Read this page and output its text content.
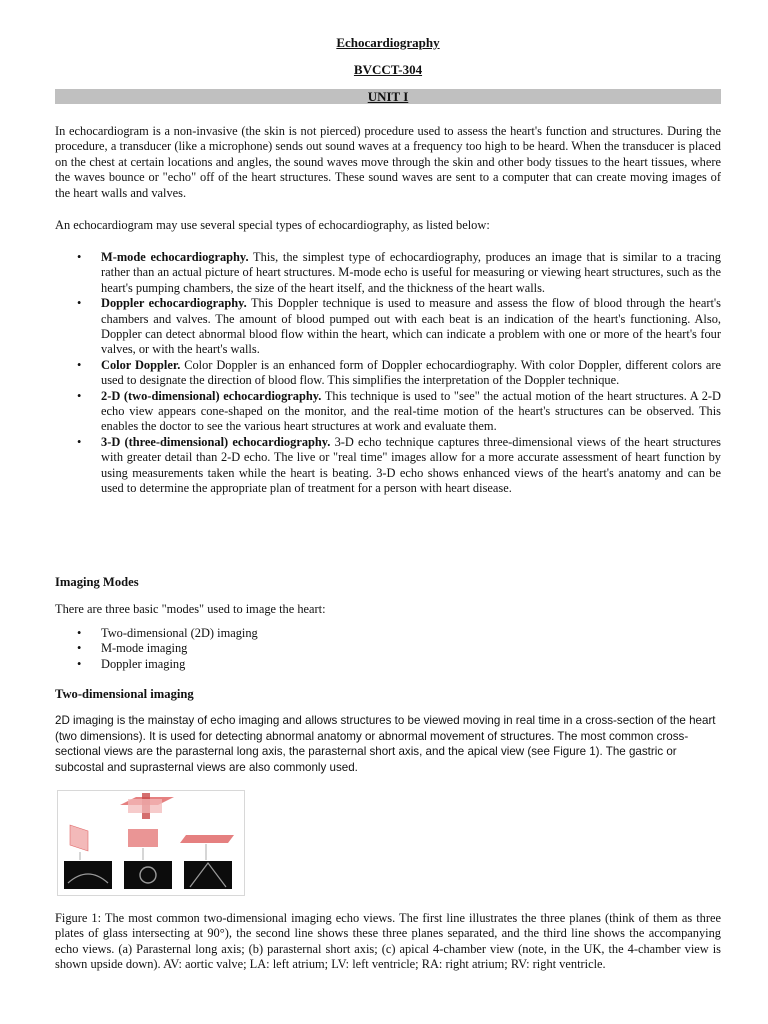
Echocardiography
BVCCT-304
UNIT I
In echocardiogram is a non-invasive (the skin is not pierced) procedure used to assess the heart's function and structures. During the procedure, a transducer (like a microphone) sends out sound waves at a frequency too high to be heard. When the transducer is placed on the chest at certain locations and angles, the sound waves move through the skin and other body tissues to the heart tissues, where the waves bounce or "echo" off of the heart structures. These sound waves are sent to a computer that can create moving images of the heart walls and valves.
An echocardiogram may use several special types of echocardiography, as listed below:
• M-mode echocardiography. This, the simplest type of echocardiography, produces an image that is similar to a tracing rather than an actual picture of heart structures. M-mode echo is useful for measuring or viewing heart structures, such as the heart's pumping chambers, the size of the heart itself, and the thickness of the heart walls.
• Doppler echocardiography. This Doppler technique is used to measure and assess the flow of blood through the heart's chambers and valves. The amount of blood pumped out with each beat is an indication of the heart's functioning. Also, Doppler can detect abnormal blood flow within the heart, which can indicate a problem with one or more of the heart's four valves, or with the heart's walls.
• Color Doppler. Color Doppler is an enhanced form of Doppler echocardiography. With color Doppler, different colors are used to designate the direction of blood flow. This simplifies the interpretation of the Doppler technique.
• 2-D (two-dimensional) echocardiography. This technique is used to "see" the actual motion of the heart structures. A 2-D echo view appears cone-shaped on the monitor, and the real-time motion of the heart's structures can be observed. This enables the doctor to see the various heart structures at work and evaluate them.
• 3-D (three-dimensional) echocardiography. 3-D echo technique captures three-dimensional views of the heart structures with greater detail than 2-D echo. The live or "real time" images allow for a more accurate assessment of heart function by using measurements taken while the heart is beating. 3-D echo shows enhanced views of the heart's anatomy and can be used to determine the appropriate plan of treatment for a person with heart disease.
Imaging Modes
There are three basic "modes" used to image the heart:
• Two-dimensional (2D) imaging
• M-mode imaging
• Doppler imaging
Two-dimensional imaging
2D imaging is the mainstay of echo imaging and allows structures to be viewed moving in real time in a cross-section of the heart (two dimensions). It is used for detecting abnormal anatomy or abnormal movement of structures. The most common cross-sectional views are the parasternal long axis, the parasternal short axis, and the apical view (see Figure 1). The gastric or subcostal and suprasternal views are also commonly used.
Figure 1: The most common two-dimensional imaging echo views. The first line illustrates the three planes (think of them as three plates of glass intersecting at 90°), the second line shows these three planes separated, and the third line shows the accompanying echo views. (a) Parasternal long axis; (b) parasternal short axis; (c) apical 4-chamber view (note, in the UK, the 4-chamber view is shown upside down). AV: aortic valve; LA: left atrium; LV: left ventricle; RA: right atrium; RV: right ventricle.
